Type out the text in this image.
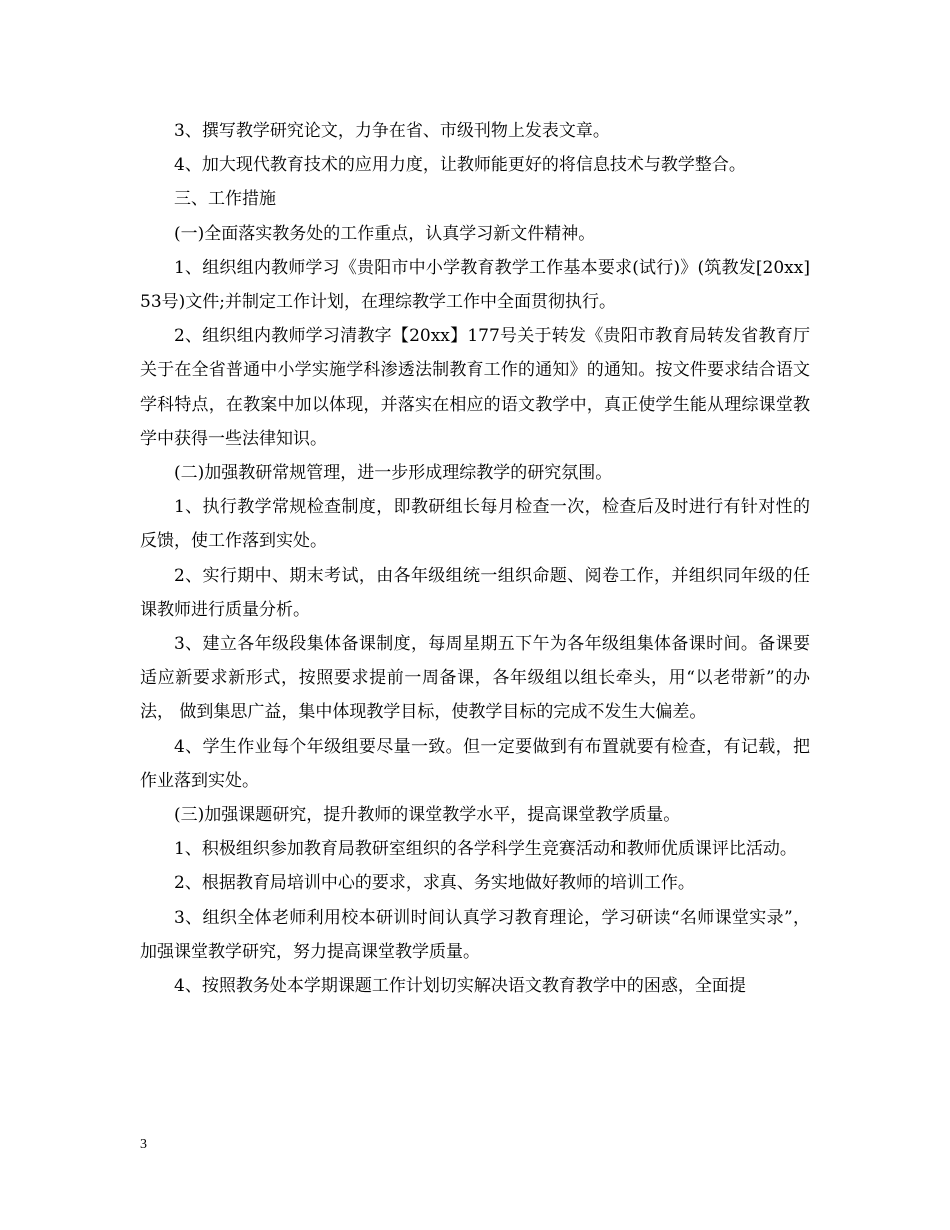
3、撰写教学研究论文，力争在省、市级刊物上发表文章。

4、加大现代教育技术的应用力度，让教师能更好的将信息技术与教学整合。

三、工作措施

(一)全面落实教务处的工作重点，认真学习新文件精神。

1、组织组内教师学习《贵阳市中小学教育教学工作基本要求(试行)》(筑教发[20xx]53号)文件;并制定工作计划，在理综教学工作中全面贯彻执行。

2、组织组内教师学习清教字【20xx】177号关于转发《贵阳市教育局转发省教育厅关于在全省普通中小学实施学科渗透法制教育工作的通知》的通知。按文件要求结合语文学科特点，在教案中加以体现，并落实在相应的语文教学中，真正使学生能从理综课堂教学中获得一些法律知识。

(二)加强教研常规管理，进一步形成理综教学的研究氛围。

1、执行教学常规检查制度，即教研组长每月检查一次，检查后及时进行有针对性的反馈，使工作落到实处。

2、实行期中、期末考试，由各年级组统一组织命题、阅卷工作，并组织同年级的任课教师进行质量分析。

3、建立各年级段集体备课制度，每周星期五下午为各年级组集体备课时间。备课要适应新要求新形式，按照要求提前一周备课，各年级组以组长牵头，用“以老带新”的办法， 做到集思广益，集中体现教学目标，使教学目标的完成不发生大偏差。

4、学生作业每个年级组要尽量一致。但一定要做到有布置就要有检查，有记载，把作业落到实处。

(三)加强课题研究，提升教师的课堂教学水平，提高课堂教学质量。

1、积极组织参加教育局教研室组织的各学科学生竞赛活动和教师优质课评比活动。

2、根据教育局培训中心的要求，求真、务实地做好教师的培训工作。

3、组织全体老师利用校本研训时间认真学习教育理论，学习研读“名师课堂实录”，加强课堂教学研究，努力提高课堂教学质量。

4、按照教务处本学期课题工作计划切实解决语文教育教学中的困惑，全面提

3
